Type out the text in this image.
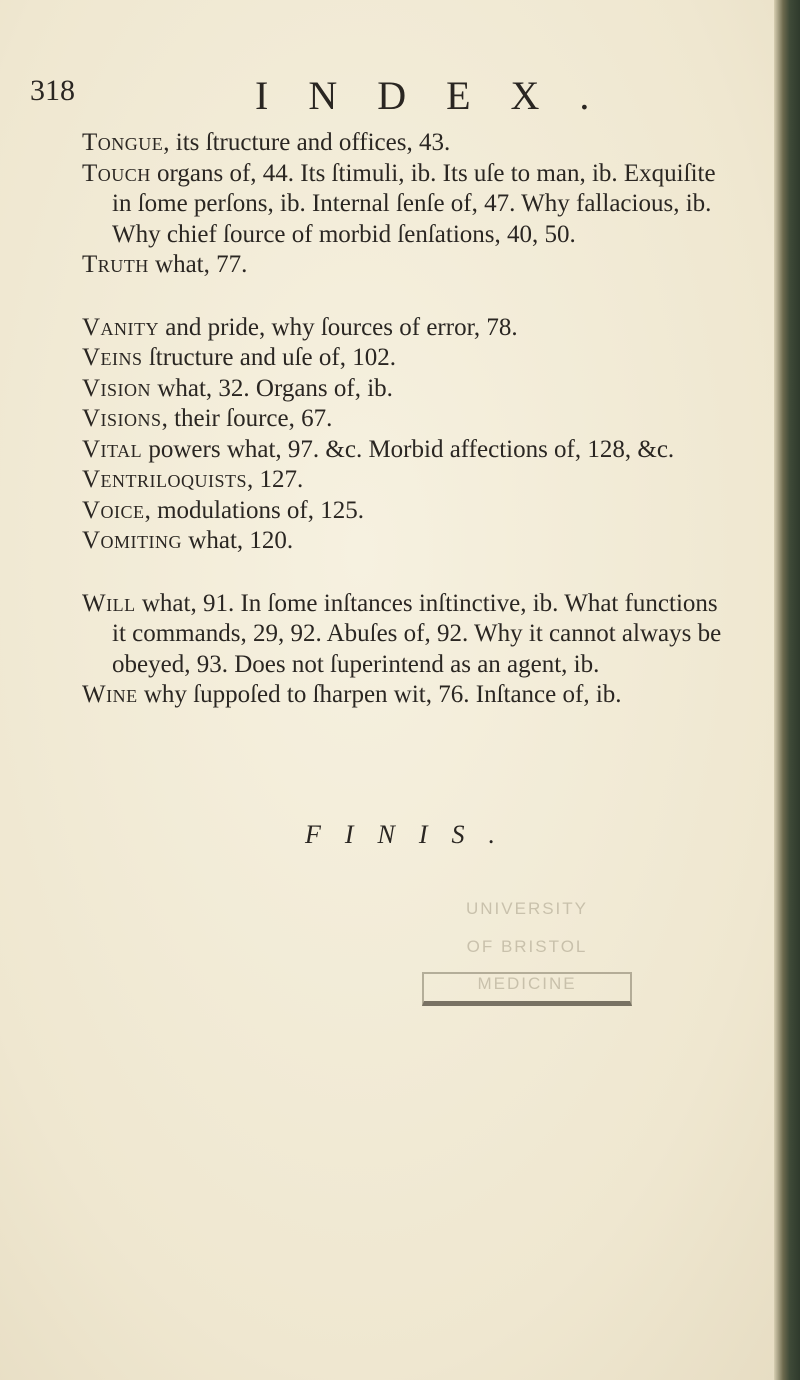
318	INDEX.

Tongue, its ſtructure and offices, 43.

Touch organs of, 44. Its ſtimuli, ib. Its uſe to man, ib. Exquiſite in ſome perſons, ib. Internal ſenſe of, 47. Why fallacious, ib. Why chief ſource of morbid ſenſations, 40, 50.

Truth what, 77.

Vanity and pride, why ſources of error, 78.

Veins ſtructure and uſe of, 102.

Vision what, 32. Organs of, ib.

Visions, their ſource, 67.

Vital powers what, 97. &c. Morbid affections of, 128, &c.

Ventriloquists, 127.

Voice, modulations of, 125.

Vomiting what, 120.

Will what, 91. In ſome inſtances inſtinctive, ib. What functions it commands, 29, 92. Abuſes of, 92. Why it cannot always be obeyed, 93. Does not ſuperintend as an agent, ib.

Wine why ſuppoſed to ſharpen wit, 76. Inſtance of, ib.

FINIS.
UNIVERSITY
OF BRISTOL
MEDICINE
